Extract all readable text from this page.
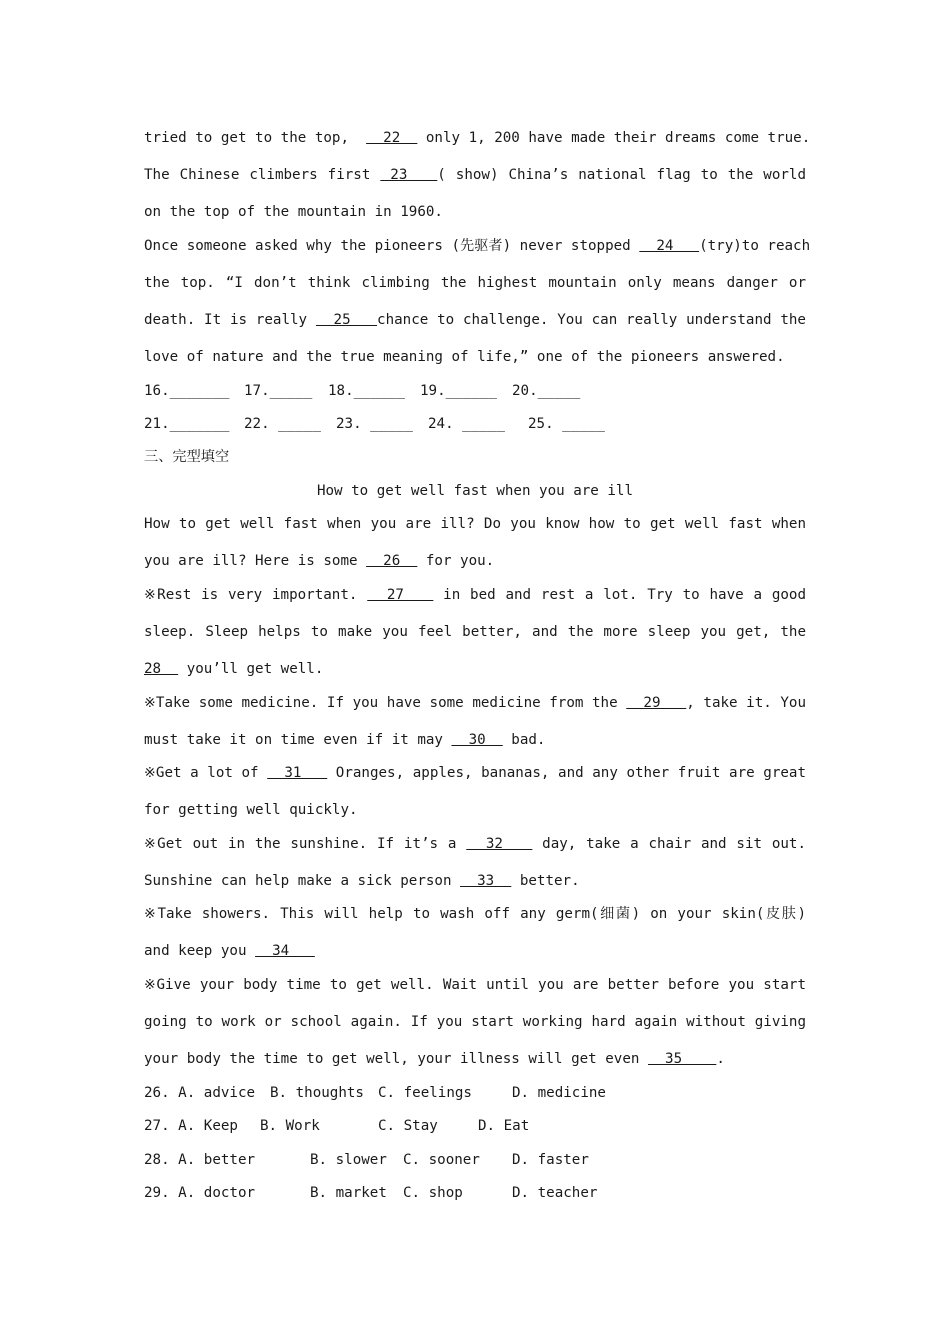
tried to get to the top,    22   only 1, 200 have made their dreams come true.
The Chinese climbers first  23   ( show) China’s national flag to the world
on the top of the mountain in 1960.
Once someone asked why the pioneers (先驱者) never stopped   24   (try)to reach
the top. “I don’t think climbing the highest mountain only means danger or
death. It is really   25   chance to challenge. You can really understand the
love of nature and the true meaning of life,” one of the pioneers answered.
16._______ 17._____ 18.______ 19.______ 20._____
21._______ 22. _____ 23. _____ 24. _____ 25. _____
三、完型填空
How to get well fast when you are ill
How to get well fast when you are ill? Do you know how to get well fast when
you are ill? Here is some   26   for you.
※Rest is very important.   27    in bed and rest a lot. Try to have a good
sleep. Sleep helps to make you feel better, and the more sleep you get, the
28   you’ll get well.
※Take some medicine. If you have some medicine from the   29   , take it. You
must take it on time even if it may   30   bad.
※Get a lot of   31    Oranges, apples, bananas, and any other fruit are great
for getting well quickly.
※Get out in the sunshine. If it’s a   32    day, take a chair and sit out.
Sunshine can help make a sick person   33   better.
※Take showers. This will help to wash off any germ(细菌) on your skin(皮肤)
and keep you   34
※Give your body time to get well. Wait until you are better before you start
going to work or school again. If you start working hard again without giving
your body the time to get well, your illness will get even   35    .
26. A. advice B. thoughts C. feelings	D. medicine
27. A. Keep B. Work	C. Stay	D. Eat
28. A. better	B. slower C. sooner D. faster
29. A. doctor	B. market C. shop	D. teacher
